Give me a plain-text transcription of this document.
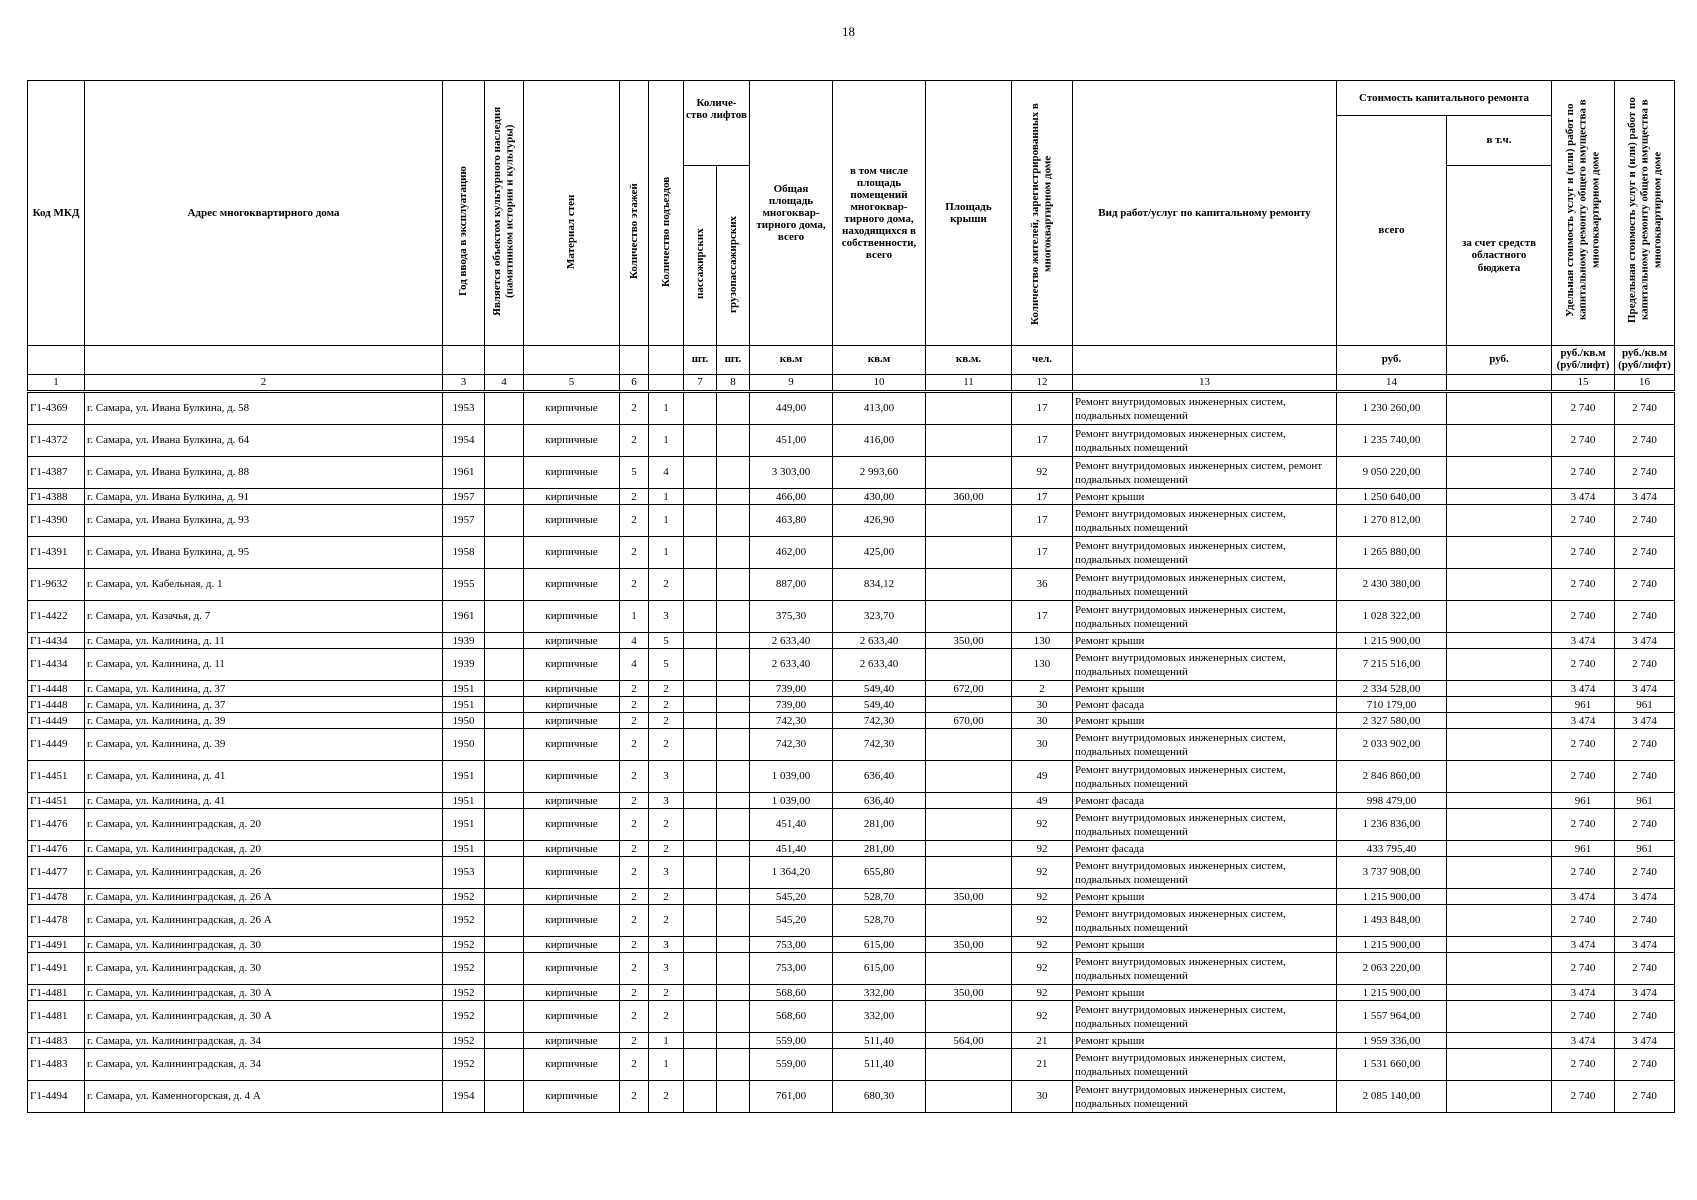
18
Код МКД	Адрес многоквартирного дома	Год ввода в эксплуатацию	Является объектом культурного наследия (памятником истории и культуры)	Материал стен	Количество этажей	Количество подъездов	Количе-ство лифтов		Общая площадь многоквар-тирного дома, всего	в том числе площадь помещений многоквар-тирного дома, находящихся в собственности, всего	Площадь крыши	Количество жителей, зарегистрированных в многоквартирном доме	Вид работ/услуг по капитальному ремонту	Стоимость капитального ремонта		Удельная стоимость услуг и (или) работ по капитальному ремонту общего имущества в многоквартирном доме	Предельная стоимость услуг и (или) работ по капитальному ремонту общего имущества в многоквартирном доме

														всего	в т.ч.		

							пассажирских	грузопассажирских							за счет средств областного бюджета		
							шт.	шт.	кв.м	кв.м	кв.м.	чел.		руб.	руб.	руб./кв.м (руб/лифт)	руб./кв.м (руб/лифт)
1	2	3	4	5	6		7	8	9	10	11	12	13	14		15	16
Г1-4369	г. Самара, ул. Ивана Булкина, д. 58	1953		кирпичные	2	1			449,00	413,00		17	Ремонт внутридомовых инженерных систем, подвальных помещений	1 230 260,00		2 740	2 740
Г1-4372	г. Самара, ул. Ивана Булкина, д. 64	1954		кирпичные	2	1			451,00	416,00		17	Ремонт внутридомовых инженерных систем, подвальных помещений	1 235 740,00		2 740	2 740
Г1-4387	г. Самара, ул. Ивана Булкина, д. 88	1961		кирпичные	5	4			3 303,00	2 993,60		92	Ремонт внутридомовых инженерных систем, ремонт подвальных помещений	9 050 220,00		2 740	2 740
Г1-4388	г. Самара, ул. Ивана Булкина, д. 91	1957		кирпичные	2	1			466,00	430,00	360,00	17	Ремонт крыши	1 250 640,00		3 474	3 474
Г1-4390	г. Самара, ул. Ивана Булкина, д. 93	1957		кирпичные	2	1			463,80	426,90		17	Ремонт внутридомовых инженерных систем, подвальных помещений	1 270 812,00		2 740	2 740
Г1-4391	г. Самара, ул. Ивана Булкина, д. 95	1958		кирпичные	2	1			462,00	425,00		17	Ремонт внутридомовых инженерных систем, подвальных помещений	1 265 880,00		2 740	2 740
Г1-9632	г. Самара, ул. Кабельная, д. 1	1955		кирпичные	2	2			887,00	834,12		36	Ремонт внутридомовых инженерных систем, подвальных помещений	2 430 380,00		2 740	2 740
Г1-4422	г. Самара, ул. Казачья, д. 7	1961		кирпичные	1	3			375,30	323,70		17	Ремонт внутридомовых инженерных систем, подвальных помещений	1 028 322,00		2 740	2 740
Г1-4434	г. Самара, ул. Калинина, д. 11	1939		кирпичные	4	5			2 633,40	2 633,40	350,00	130	Ремонт крыши	1 215 900,00		3 474	3 474
Г1-4434	г. Самара, ул. Калинина, д. 11	1939		кирпичные	4	5			2 633,40	2 633,40		130	Ремонт внутридомовых инженерных систем, подвальных помещений	7 215 516,00		2 740	2 740
Г1-4448	г. Самара, ул. Калинина, д. 37	1951		кирпичные	2	2			739,00	549,40	672,00	2	Ремонт крыши	2 334 528,00		3 474	3 474
Г1-4448	г. Самара, ул. Калинина, д. 37	1951		кирпичные	2	2			739,00	549,40		30	Ремонт фасада	710 179,00		961	961
Г1-4449	г. Самара, ул. Калинина, д. 39	1950		кирпичные	2	2			742,30	742,30	670,00	30	Ремонт крыши	2 327 580,00		3 474	3 474
Г1-4449	г. Самара, ул. Калинина, д. 39	1950		кирпичные	2	2			742,30	742,30		30	Ремонт внутридомовых инженерных систем, подвальных помещений	2 033 902,00		2 740	2 740
Г1-4451	г. Самара, ул. Калинина, д. 41	1951		кирпичные	2	3			1 039,00	636,40		49	Ремонт внутридомовых инженерных систем, подвальных помещений	2 846 860,00		2 740	2 740
Г1-4451	г. Самара, ул. Калинина, д. 41	1951		кирпичные	2	3			1 039,00	636,40		49	Ремонт фасада	998 479,00		961	961
Г1-4476	г. Самара, ул. Калининградская, д. 20	1951		кирпичные	2	2			451,40	281,00		92	Ремонт внутридомовых инженерных систем, подвальных помещений	1 236 836,00		2 740	2 740
Г1-4476	г. Самара, ул. Калининградская, д. 20	1951		кирпичные	2	2			451,40	281,00		92	Ремонт фасада	433 795,40		961	961
Г1-4477	г. Самара, ул. Калининградская, д. 26	1953		кирпичные	2	3			1 364,20	655,80		92	Ремонт внутридомовых инженерных систем, подвальных помещений	3 737 908,00		2 740	2 740
Г1-4478	г. Самара, ул. Калининградская, д. 26 А	1952		кирпичные	2	2			545,20	528,70	350,00	92	Ремонт крыши	1 215 900,00		3 474	3 474
Г1-4478	г. Самара, ул. Калининградская, д. 26 А	1952		кирпичные	2	2			545,20	528,70		92	Ремонт внутридомовых инженерных систем, подвальных помещений	1 493 848,00		2 740	2 740
Г1-4491	г. Самара, ул. Калининградская, д. 30	1952		кирпичные	2	3			753,00	615,00	350,00	92	Ремонт крыши	1 215 900,00		3 474	3 474
Г1-4491	г. Самара, ул. Калининградская, д. 30	1952		кирпичные	2	3			753,00	615,00		92	Ремонт внутридомовых инженерных систем, подвальных помещений	2 063 220,00		2 740	2 740
Г1-4481	г. Самара, ул. Калининградская, д. 30 А	1952		кирпичные	2	2			568,60	332,00	350,00	92	Ремонт крыши	1 215 900,00		3 474	3 474
Г1-4481	г. Самара, ул. Калининградская, д. 30 А	1952		кирпичные	2	2			568,60	332,00		92	Ремонт внутридомовых инженерных систем, подвальных помещений	1 557 964,00		2 740	2 740
Г1-4483	г. Самара, ул. Калининградская, д. 34	1952		кирпичные	2	1			559,00	511,40	564,00	21	Ремонт крыши	1 959 336,00		3 474	3 474
Г1-4483	г. Самара, ул. Калининградская, д. 34	1952		кирпичные	2	1			559,00	511,40		21	Ремонт внутридомовых инженерных систем, подвальных помещений	1 531 660,00		2 740	2 740
Г1-4494	г. Самара, ул. Каменногорская, д. 4 А	1954		кирпичные	2	2			761,00	680,30		30	Ремонт внутридомовых инженерных систем, подвальных помещений	2 085 140,00		2 740	2 740
